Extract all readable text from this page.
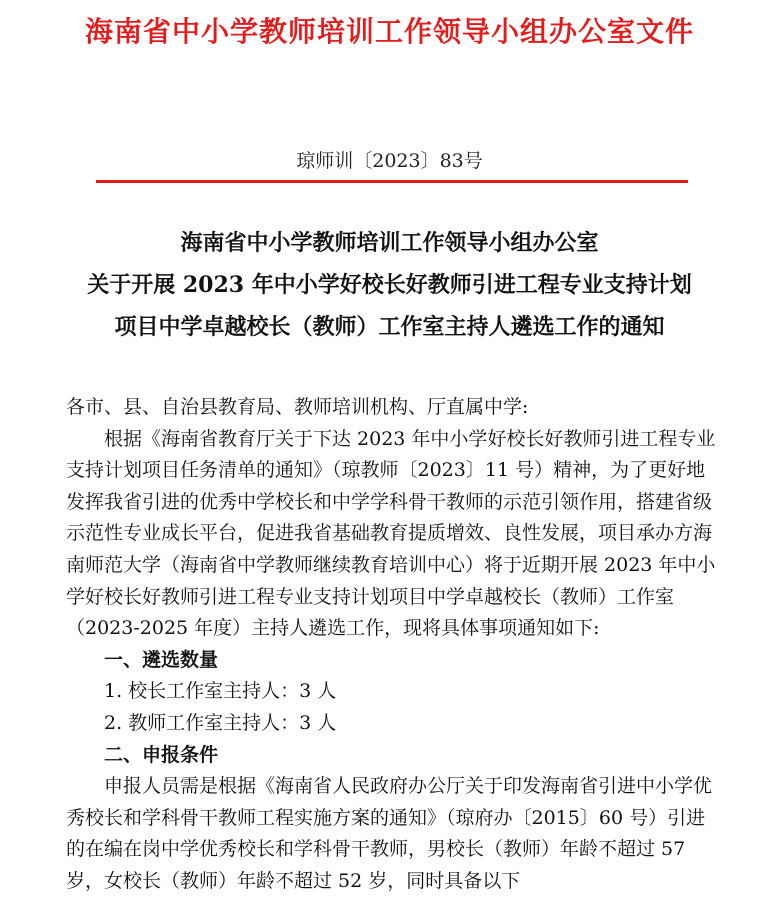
海南省中小学教师培训工作领导小组办公室文件
琼师训〔2023〕83号
海南省中小学教师培训工作领导小组办公室
关于开展 2023 年中小学好校长好教师引进工程专业支持计划
项目中学卓越校长（教师）工作室主持人遴选工作的通知

各市、县、自治县教育局、教师培训机构、厅直属中学:

根据《海南省教育厅关于下达 2023 年中小学好校长好教师引进工程专业支持计划项目任务清单的通知》（琼教师〔2023〕11 号）精神，为了更好地发挥我省引进的优秀中学校长和中学学科骨干教师的示范引领作用，搭建省级示范性专业成长平台，促进我省基础教育提质增效、良性发展，项目承办方海南师范大学（海南省中学教师继续教育培训中心）将于近期开展 2023 年中小学好校长好教师引进工程专业支持计划项目中学卓越校长（教师）工作室（2023-2025 年度）主持人遴选工作，现将具体事项通知如下:

一、遴选数量

1. 校长工作室主持人：3 人

2. 教师工作室主持人：3 人

二、申报条件

申报人员需是根据《海南省人民政府办公厅关于印发海南省引进中小学优秀校长和学科骨干教师工程实施方案的通知》（琼府办〔2015〕60 号）引进的在编在岗中学优秀校长和学科骨干教师，男校长（教师）年龄不超过 57 岁，女校长（教师）年龄不超过 52 岁，同时具备以下
